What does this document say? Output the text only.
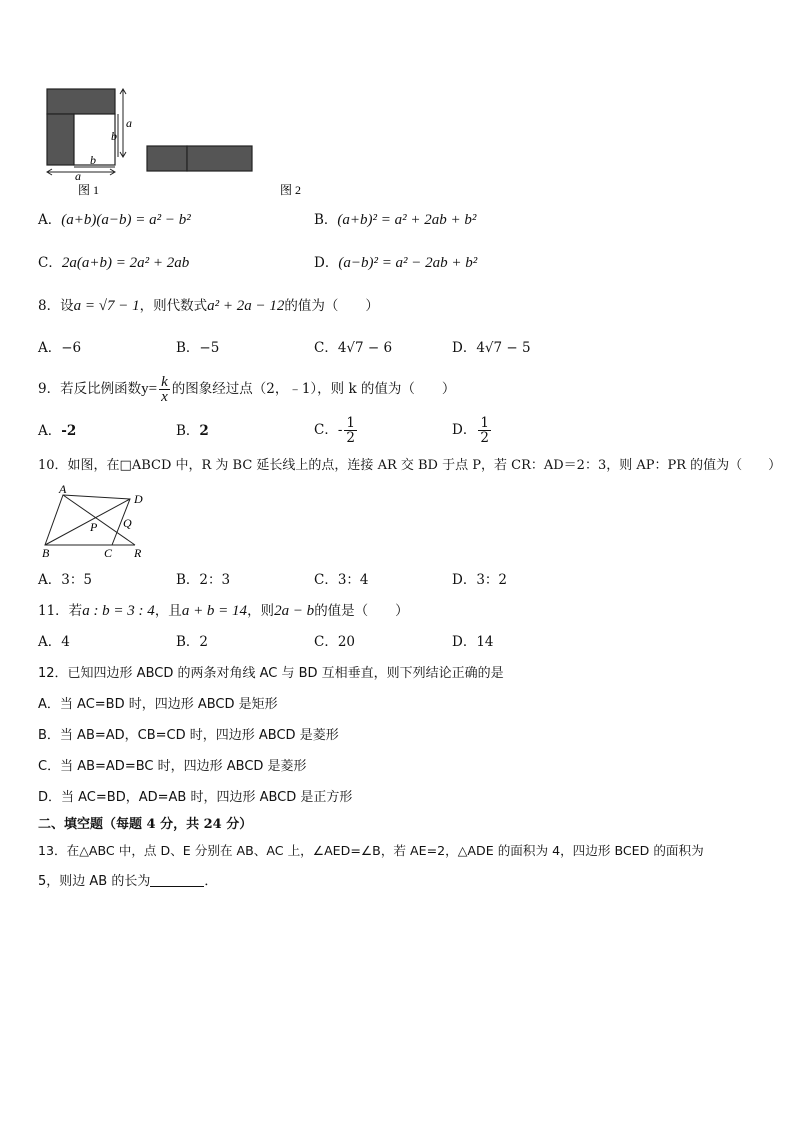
a
b
b
a
图 1	图 2
A．(a+b)(a−b) = a² − b²	B．(a+b)² = a² + 2ab + b²
C．2a(a+b) = 2a² + 2ab	D．(a−b)² = a² − 2ab + b²
8．设a = √7 − 1，则代数式a² + 2a − 12的值为（　　）
A．−6	B．−5	C．4√7 − 6	D．4√7 − 5
9．若反比例函数$y= \frac{k}{x}$ 的图象经过点（2，﹣1），则 k 的值为（　　）
A．-2	B．2	C．- $\frac{1}{2}$	D． $\frac{1}{2}$
10．如图，在□ABCD 中，R 为 BC 延长线上的点，连接 AR 交 BD 于点 P，若 CR：AD＝2：3，则 AP：PR 的值为（　　）
A
D
P Q
B	C R
A．3：5	B．2：3	C．3：4	D．3：2
11．若a : b = 3 : 4，且a + b = 14，则2a − b的值是（　　）
A．4	B．2	C．20	D．14
12．已知四边形 ABCD 的两条对角线 AC 与 BD 互相垂直，则下列结论正确的是
A．当 AC=BD 时，四边形 ABCD 是矩形
B．当 AB=AD，CB=CD 时，四边形 ABCD 是菱形
C．当 AB=AD=BC 时，四边形 ABCD 是菱形
D．当 AC=BD，AD=AB 时，四边形 ABCD 是正方形
二、填空题（每题 4 分，共 24 分）
13．在△ABC 中，点 D、E 分别在 AB、AC 上，∠AED=∠B，若 AE=2，△ADE 的面积为 4，四边形 BCED 的面积为
5，则边 AB 的长为	．
